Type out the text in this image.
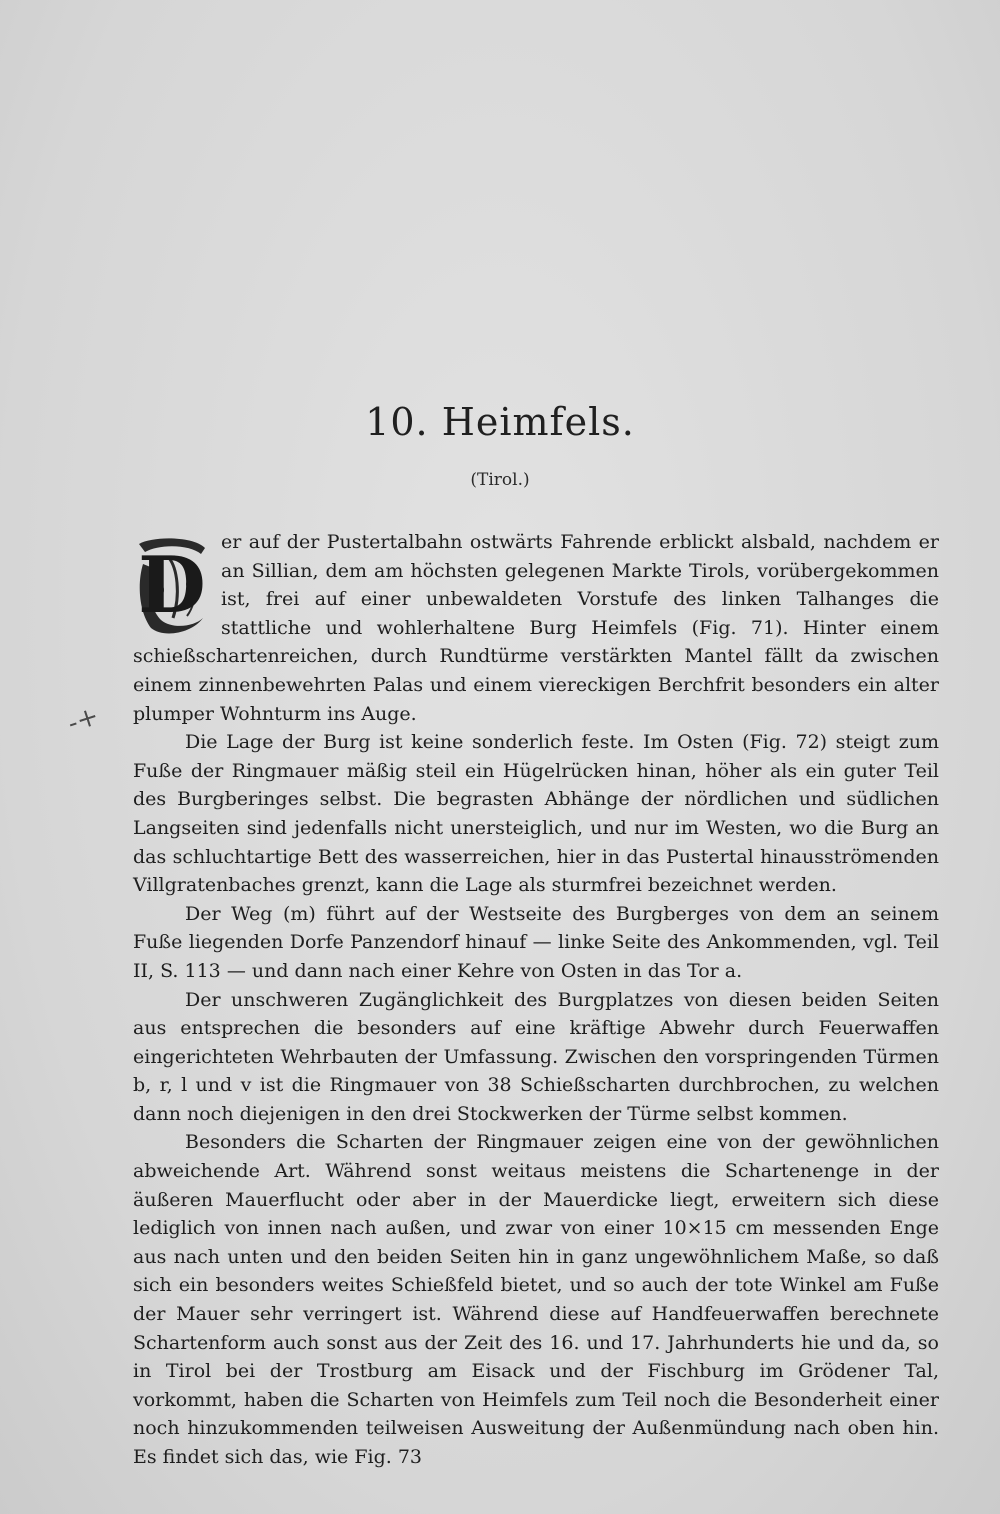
10. Heimfels.
(Tirol.)
-+

D er auf der Pustertalbahn ostwärts Fahrende erblickt alsbald, nachdem er an Sillian, dem am höchsten gelegenen Markte Tirols, vorübergekommen ist, frei auf einer unbewaldeten Vorstufe des linken Talhanges die stattliche und wohlerhaltene Burg Heimfels (Fig. 71). Hinter einem schießschartenreichen, durch Rundtürme verstärkten Mantel fällt da zwischen einem zinnenbewehrten Palas und einem viereckigen Berchfrit besonders ein alter plumper Wohnturm ins Auge.

Die Lage der Burg ist keine sonderlich feste. Im Osten (Fig. 72) steigt zum Fuße der Ringmauer mäßig steil ein Hügelrücken hinan, höher als ein guter Teil des Burgberinges selbst. Die begrasten Abhänge der nördlichen und südlichen Langseiten sind jedenfalls nicht unersteiglich, und nur im Westen, wo die Burg an das schluchtartige Bett des wasserreichen, hier in das Pustertal hinausströmenden Villgratenbaches grenzt, kann die Lage als sturmfrei bezeichnet werden.

Der Weg (m) führt auf der Westseite des Burgberges von dem an seinem Fuße liegenden Dorfe Panzendorf hinauf — linke Seite des Ankommenden, vgl. Teil II, S. 113 — und dann nach einer Kehre von Osten in das Tor a.

Der unschweren Zugänglichkeit des Burgplatzes von diesen beiden Seiten aus entsprechen die besonders auf eine kräftige Abwehr durch Feuerwaffen eingerichteten Wehrbauten der Umfassung. Zwischen den vorspringenden Türmen b, r, l und v ist die Ringmauer von 38 Schießscharten durchbrochen, zu welchen dann noch diejenigen in den drei Stockwerken der Türme selbst kommen.

Besonders die Scharten der Ringmauer zeigen eine von der gewöhnlichen abweichende Art. Während sonst weitaus meistens die Schartenenge in der äußeren Mauerflucht oder aber in der Mauerdicke liegt, erweitern sich diese lediglich von innen nach außen, und zwar von einer 10×15 cm messenden Enge aus nach unten und den beiden Seiten hin in ganz ungewöhnlichem Maße, so daß sich ein besonders weites Schießfeld bietet, und so auch der tote Winkel am Fuße der Mauer sehr verringert ist. Während diese auf Handfeuerwaffen berechnete Schartenform auch sonst aus der Zeit des 16. und 17. Jahrhunderts hie und da, so in Tirol bei der Trostburg am Eisack und der Fischburg im Grödener Tal, vorkommt, haben die Scharten von Heimfels zum Teil noch die Besonderheit einer noch hinzukommenden teilweisen Ausweitung der Außenmündung nach oben hin. Es findet sich das, wie Fig. 73
